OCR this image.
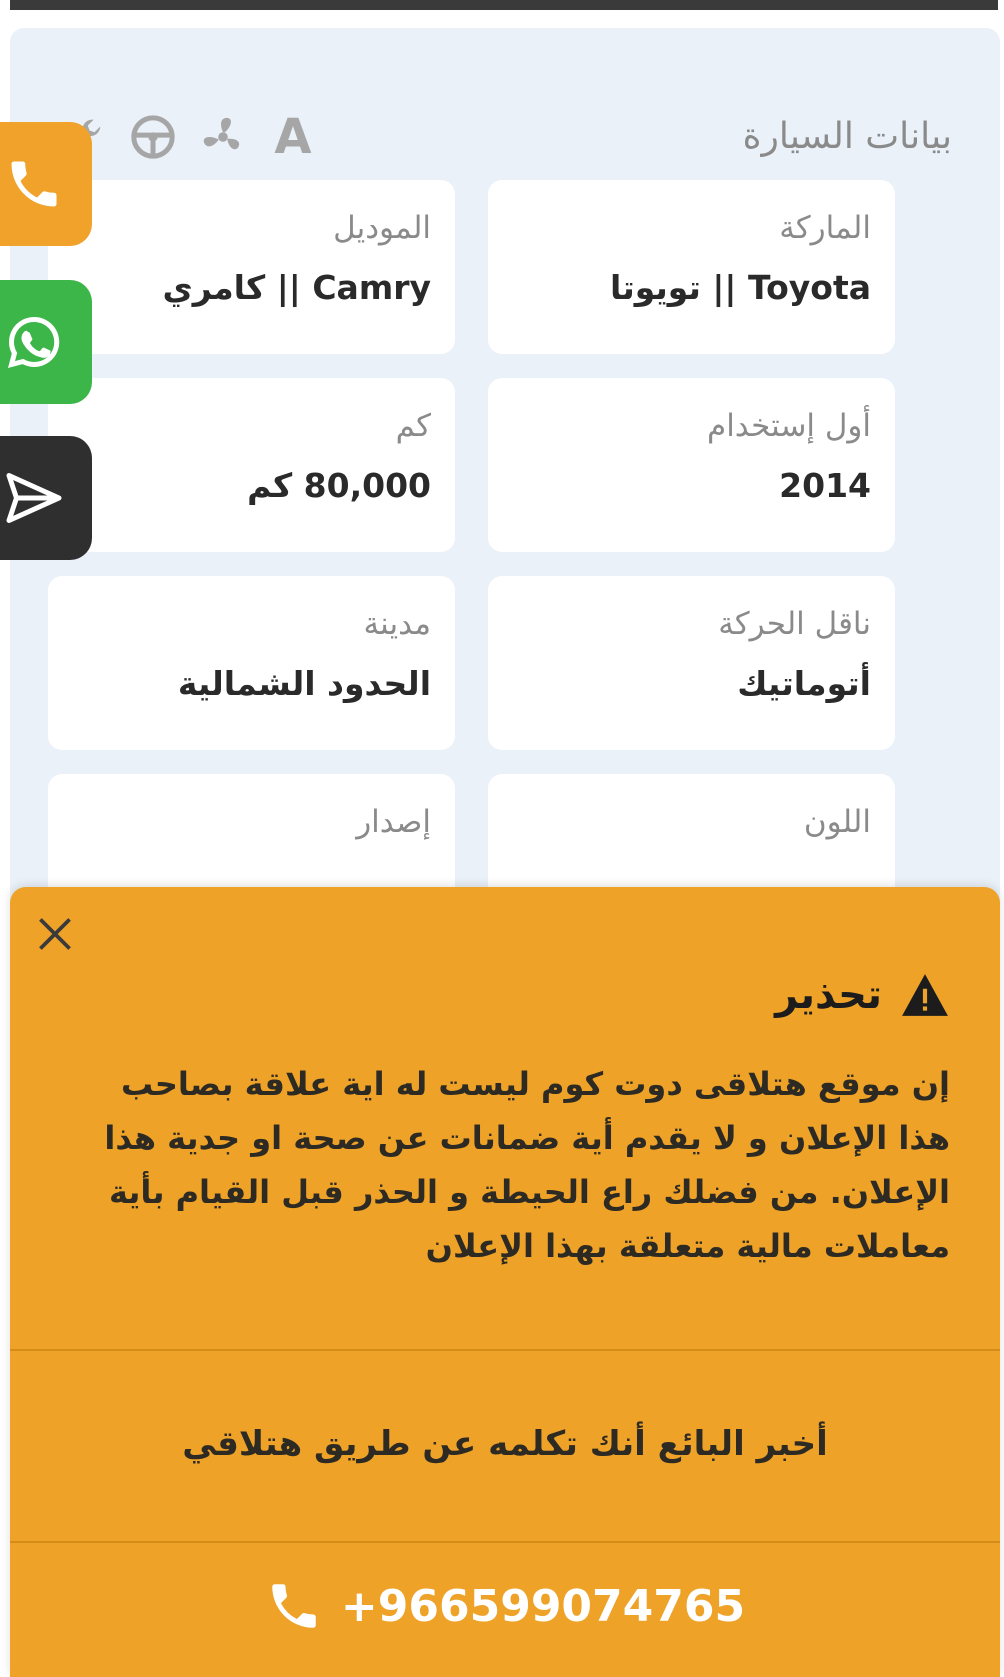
بيانات السيارة
A
الماركة
Toyota || تويوتا
الموديل
Camry || كامري
أول إستخدام
2014
كم
80,000 كم
ناقل الحركة
أتوماتيك
مدينة
الحدود الشمالية
اللون
إصدار
تحذير
إن موقع هتلاقى دوت كوم ليست له اية علاقة بصاحب هذا الإعلان و لا يقدم أية ضمانات عن صحة او جدية هذا الإعلان. من فضلك راع الحيطة و الحذر قبل القيام بأية معاملات مالية متعلقة بهذا الإعلان
أخبر البائع أنك تكلمه عن طريق هتلاقي
+966599074765
